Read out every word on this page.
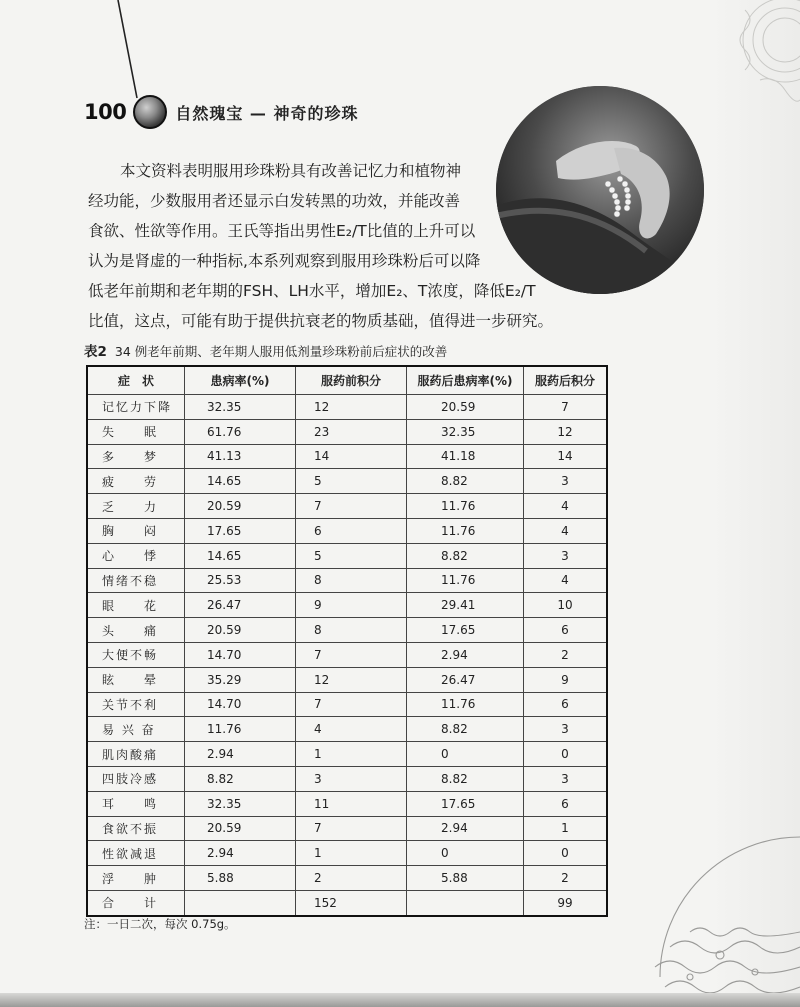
100	自然瑰宝 — 神奇的珍珠
本文资料表明服用珍珠粉具有改善记忆力和植物神
经功能，少数服用者还显示白发转黑的功效，并能改善
食欲、性欲等作用。王氏等指出男性E₂/T比值的上升可以
认为是肾虚的一种指标,本系列观察到服用珍珠粉后可以降
低老年前期和老年期的FSH、LH水平，增加E₂、T浓度，降低E₂/T
比值，这点，可能有助于提供抗衰老的物质基础，值得进一步研究。
表2 34 例老年前期、老年期人服用低剂量珍珠粉前后症状的改善
症　状	患病率(%)	服药前积分	服药后患病率(%)	服药后积分
记忆力下降	32.35	12	20.59	7
失　　眠	61.76	23	32.35	12
多　　梦	41.13	14	41.18	14
疲　　劳	14.65	5	8.82	3
乏　　力	20.59	7	11.76	4
胸　　闷	17.65	6	11.76	4
心　　悸	14.65	5	8.82	3
情绪不稳	25.53	8	11.76	4
眼　　花	26.47	9	29.41	10
头　　痛	20.59	8	17.65	6
大便不畅	14.70	7	2.94	2
眩　　晕	35.29	12	26.47	9
关节不利	14.70	7	11.76	6
易 兴 奋	11.76	4	8.82	3
肌肉酸痛	2.94	1	0	0
四肢冷感	8.82	3	8.82	3
耳　　鸣	32.35	11	17.65	6
食欲不振	20.59	7	2.94	1
性欲减退	2.94	1	0	0
浮　　肿	5.88	2	5.88	2
合　　计		152		99
注：一日二次，每次 0.75g。
